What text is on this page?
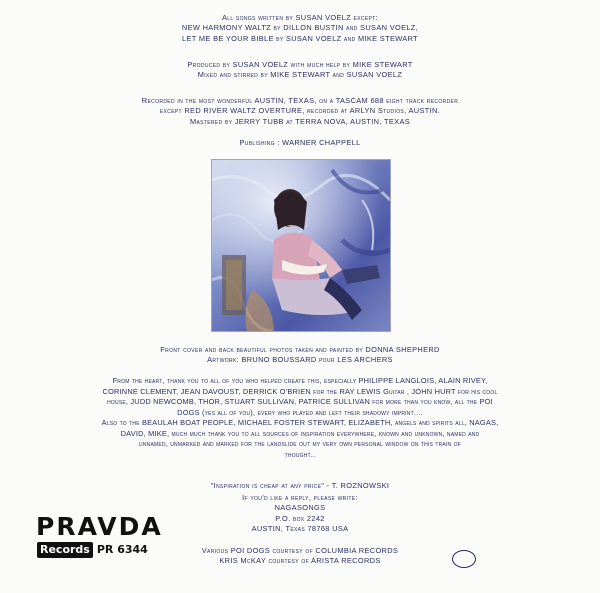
All songs written by SUSAN VOELZ except:
NEW HARMONY WALTZ by DILLON BUSTIN and SUSAN VOELZ,
LET ME BE YOUR BIBLE by SUSAN VOELZ and MIKE STEWART
Produced by SUSAN VOELZ with much help by MIKE STEWART
Mixed and stirred by MIKE STEWART and SUSAN VOELZ
Recorded in the most wonderful AUSTIN, TEXAS, on a TASCAM 688 eight track recorder
except RED RIVER WALTZ OVERTURE, recorded at ARLYN Studios, AUSTIN.
Mastered by JERRY TUBB at TERRA NOVA, AUSTIN, TEXAS
Publishing : WARNER CHAPPELL
Front cover and back beautiful photos taken and painted by DONNA SHEPHERD
Artwork: BRUNO BOUSSARD pour LES ARCHERS
From the heart, thank you to all of you who helped create this, especially PHILIPPE LANGLOIS, ALAIN RIVEY,
CORINNE CLEMENT, JEAN DAVOUST, DERRICK O'BRIEN for the RAY LEWIS Guitar , JOHN HURT for his cool
house, JUDD NEWCOMB, THOR, STUART SULLIVAN, PATRICE SULLIVAN for more than you know, all the POI
DOGS (yes all of you), every who played and left their shadowy imprint....
Also to the BEAULAH BOAT PEOPLE, MICHAEL FOSTER STEWART, ELIZABETH, angels and spirits all, NAGAS,
DAVID, MIKE, much much thank you to all sources of inspiration everywhere, known and unknown, named and
unnamed, unmarked and marked for the landslide out my very own personal window on this train of
thought..
"Inspiration is cheap at any price" - T. ROZNOWSKI
If you'd like a reply, please write:
NAGASONGS
P.O. box 2242
AUSTIN, Texas 78768 USA
Various POI DOGS courtesy of COLUMBIA RECORDS
KRIS McKAY courtesy of ARISTA RECORDS
PRAVDA
Records PR 6344
